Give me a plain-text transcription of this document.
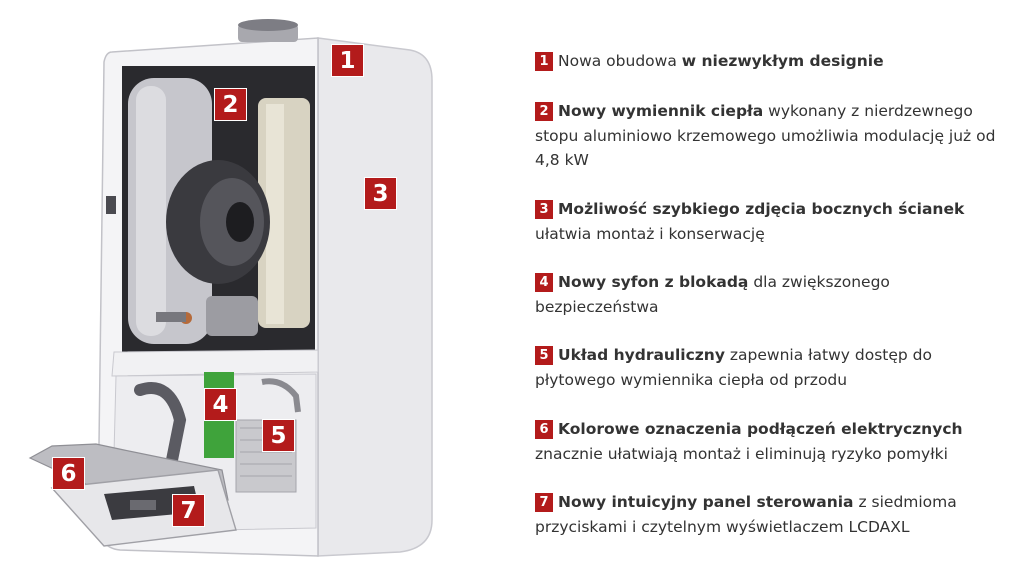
1
2
3
4
5
6
7
1 Nowa obudowa w niezwykłym designie
2 Nowy wymiennik ciepła wykonany z nierdzewnego stopu aluminiowo krzemowego umożliwia modulację już od 4,8 kW
3 Możliwość szybkiego zdjęcia bocznych ścianek ułatwia montaż i konserwację
4 Nowy syfon z blokadą dla zwiększonego bezpieczeństwa
5 Układ hydrauliczny zapewnia łatwy dostęp do płytowego wymiennika ciepła od przodu
6 Kolorowe oznaczenia podłączeń elektrycznych znacznie ułatwiają montaż i eliminują ryzyko pomyłki
7 Nowy intuicyjny panel sterowania z siedmioma przyciskami i czytelnym wyświetlaczem LCDAXL
